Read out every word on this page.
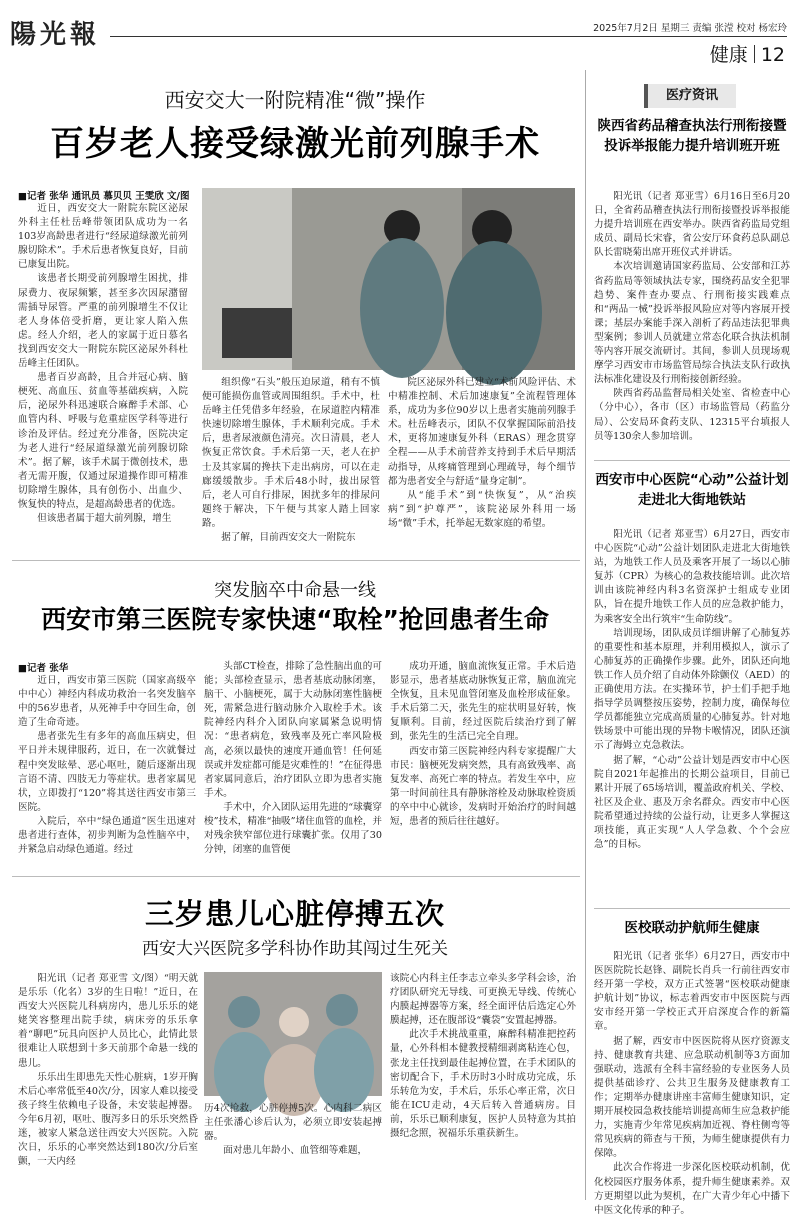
陽光報	2025年7月2日 星期三 责编 张滢 校对 杨宏玲
健康 12
西安交大一附院精准“微”操作
百岁老人接受绿激光前列腺手术
■记者 张华 通讯员 慕贝贝 王雯欣 文/图

近日，西安交大一附院东院区泌尿外科主任杜岳峰带领团队成功为一名103岁高龄患者进行“经尿道绿激光前列腺切除术”。手术后患者恢复良好，目前已康复出院。

该患者长期受前列腺增生困扰，排尿费力、夜尿频繁，甚至多次因尿潴留需插导尿管。严重的前列腺增生不仅让老人身体倍受折磨，更让家人陷入焦虑。经人介绍，老人的家属于近日慕名找到西安交大一附院东院区泌尿外科杜岳峰主任团队。

患者百岁高龄，且合并冠心病、脑梗死、高血压、贫血等基础疾病，入院后，泌尿外科迅速联合麻醉手术部、心血管内科、呼吸与危重症医学科等进行诊治及评估。经过充分准备，医院决定为老人进行“经尿道绿激光前列腺切除术”。据了解，该手术属于微创技术，患者无需开腹，仅通过尿道操作即可精准切除增生腺体，具有创伤小、出血少、恢复快的特点，是超高龄患者的优选。

但该患者属于超大前列腺，增生

组织像“石头”般压迫尿道，稍有不慎便可能损伤血管或周围组织。手术中，杜岳峰主任凭借多年经验，在尿道腔内精准快速切除增生腺体，手术顺利完成。手术后，患者尿液颜色清亮。次日清晨，老人恢复正常饮食。手术后第一天，老人在护士及其家属的搀扶下走出病房，可以在走廊缓缓散步。手术后48小时，拔出尿管后，老人可自行排尿，困扰多年的排尿问题终于解决，下午便与其家人踏上回家路。

据了解，目前西安交大一附院东

院区泌尿外科已建立“术前风险评估、术中精准控制、术后加速康复”全流程管理体系，成功为多位90岁以上患者实施前列腺手术。杜岳峰表示，团队不仅掌握国际前沿技术，更将加速康复外科（ERAS）理念贯穿全程——从手术前营养支持到手术后早期活动指导，从疼痛管理到心理疏导，每个细节都为患者安全与舒适“量身定制”。

从“能手术”到“快恢复”，从“治疾病”到“护尊严”，该院泌尿外科用一场场“微”手术，托举起无数家庭的希望。

突发脑卒中命悬一线
西安市第三医院专家快速“取栓”抢回患者生命
■记者 张华

近日，西安市第三医院（国家高级卒中中心）神经内科成功救治一名突发脑卒中的56岁患者，从死神手中夺回生命，创造了生命奇迹。

患者张先生有多年的高血压病史，但平日并未规律服药，近日，在一次就餐过程中突发眩晕、恶心呕吐，随后逐渐出现言语不清、四肢无力等症状。患者家属见状，立即拨打“120”将其送往西安市第三医院。

入院后，卒中“绿色通道”医生迅速对患者进行查体，初步判断为急性脑卒中，并紧急启动绿色通道。经过

头部CT检查，排除了急性脑出血的可能；头部检查显示，患者基底动脉闭塞，脑干、小脑梗死，属于大动脉闭塞性脑梗死，需紧急进行脑动脉介入取栓手术。该院神经内科介入团队向家属紧急说明情况：“患者病危，致残率及死亡率风险极高，必须以最快的速度开通血管！任何延误或并发症都可能是灾难性的！”在征得患者家属同意后，治疗团队立即为患者实施手术。

手术中，介入团队运用先进的“球囊穿梭”技术，精准“抽吸”堵住血管的血栓，并对残余狭窄部位进行球囊扩张。仅用了30分钟，闭塞的血管便

成功开通，脑血流恢复正常。手术后造影显示，患者基底动脉恢复正常，脑血流完全恢复，且未见血管闭塞及血栓形成征象。手术后第二天，张先生的症状明显好转，恢复顺利。目前，经过医院后续治疗到了解到，张先生的生活已完全自理。

西安市第三医院神经内科专家提醒广大市民：脑梗死发病突然，具有高致残率、高复发率、高死亡率的特点。若发生卒中，应第一时间前往具有静脉溶栓及动脉取栓资质的卒中中心就诊，发病时开始治疗的时间越短，患者的预后往往越好。

三岁患儿心脏停搏五次
西安大兴医院多学科协作助其闯过生死关

阳光讯（记者 郑亚雪 文/图）“明天就是乐乐（化名）3岁的生日啦！”近日，在西安大兴医院儿科病房内，患儿乐乐的姥姥笑容整理出院手续，病床旁的乐乐拿着“聊吧”玩具向医护人员比心，此情此景很难让人联想到十多天前那个命悬一线的患儿。

乐乐出生即患先天性心脏病，1岁开胸术后心率常低至40次/分，因家人难以接受孩子终生依赖电子设备，未安装起搏器。今年6月初，呕吐、腹泻多日的乐乐突然昏迷，被家人紧急送往西安大兴医院。入院次日，乐乐的心率突然达到180次/分后室颤，一天内经

历4次抢救，心脏停搏5次。心内科二病区主任张潘心诊后认为，必须立即安装起搏器。

面对患儿年龄小、血管细等难题，

该院心内科主任李志立牵头多学科会诊，治疗团队研究无导线、可更换无导线、传统心内膜起搏器等方案，经全面评估后选定心外膜起搏，还在腹部设“囊袋”安置起搏器。

此次手术挑战重重，麻醉科精准把控药量，心外科相本健教授精细剥离粘连心包，张龙主任找到最佳起搏位置，在手术团队的密切配合下，手术历时3小时成功完成，乐乐转危为安，手术后，乐乐心率正常，次日能在ICU走动，4天后转入普通病房。目前，乐乐已顺利康复，医护人员特意为其拍摄纪念照，祝福乐乐重获新生。

医疗资讯
陕西省药品稽查执法行刑衔接暨投诉举报能力提升培训班开班

阳光讯（记者 郑亚雪）6月16日至6月20日，全省药品稽查执法行刑衔接暨投诉举报能力提升培训班在西安举办。陕西省药监局党组成员、副局长宋睿，省公安厅环食药总队副总队长雷晓菊出席开班仪式并讲话。

本次培训邀请国家药监局、公安部和江苏省药监局等领域执法专家，围绕药品安全犯罪趋势、案件查办要点、行刑衔接实践难点和“两品一械”投诉举报风险应对等内容展开授课；基层办案能手深入剖析了药品违法犯罪典型案例；参训人员就建立常态化联合执法机制等内容开展交流研讨。其间，参训人员现场观摩学习西安市市场监管局综合执法支队行政执法标准化建设及行刑衔接创新经验。

陕西省药品监督局相关处室、省检查中心（分中心），各市（区）市场监管局（药监分局）、公安局环食药支队、12315平台填报人员等130余人参加培训。

西安市中心医院“心动”公益计划走进北大街地铁站

阳光讯（记者 郑亚雪）6月27日，西安市中心医院“心动”公益计划团队走进北大街地铁站，为地铁工作人员及乘客开展了一场以心肺复苏（CPR）为核心的急救技能培训。此次培训由该院神经内科3名资深护士组成专业团队，旨在提升地铁工作人员的应急救护能力，为乘客安全出行筑牢“生命防线”。

培训现场，团队成员详细讲解了心肺复苏的重要性和基本原理，并利用模拟人，演示了心肺复苏的正确操作步骤。此外，团队还向地铁工作人员介绍了自动体外除颤仪（AED）的正确使用方法。在实操环节，护士们手把手地指导学员调整按压姿势，控制力度，确保每位学员都能独立完成高质量的心肺复苏。针对地铁场景中可能出现的异物卡喉情况，团队还演示了海姆立克急救法。

据了解，“心动”公益计划是西安市中心医院自2021年起推出的长期公益项目，目前已累计开展了65场培训，覆盖政府机关、学校、社区及企业、惠及万余名群众。西安市中心医院希望通过持续的公益行动，让更多人掌握这项技能，真正实现“人人学急救、个个会应急”的目标。

医校联动护航师生健康

阳光讯（记者 张华）6月27日，西安市中医医院院长赵锋、副院长肖兵一行前往西安市经开第一学校，双方正式签署“医校联动健康护航计划”协议，标志着西安市中医医院与西安市经开第一学校正式开启深度合作的新篇章。

据了解，西安市中医医院将从医疗资源支持、健康教育共建、应急联动机制等3方面加强联动，选派有全科丰富经验的专业医务人员提供基础诊疗、公共卫生服务及健康教育工作；定期举办健康讲座丰富师生健康知识，定期开展校园急救技能培训提高师生应急救护能力，实施青少年常见疾病加近视、脊柱侧弯等常见疾病的筛查与干预，为师生健康提供有力保障。

此次合作将进一步深化医校联动机制，优化校园医疗服务体系，提升师生健康素养。双方更期望以此为契机，在广大青少年心中播下中医文化传承的种子。
